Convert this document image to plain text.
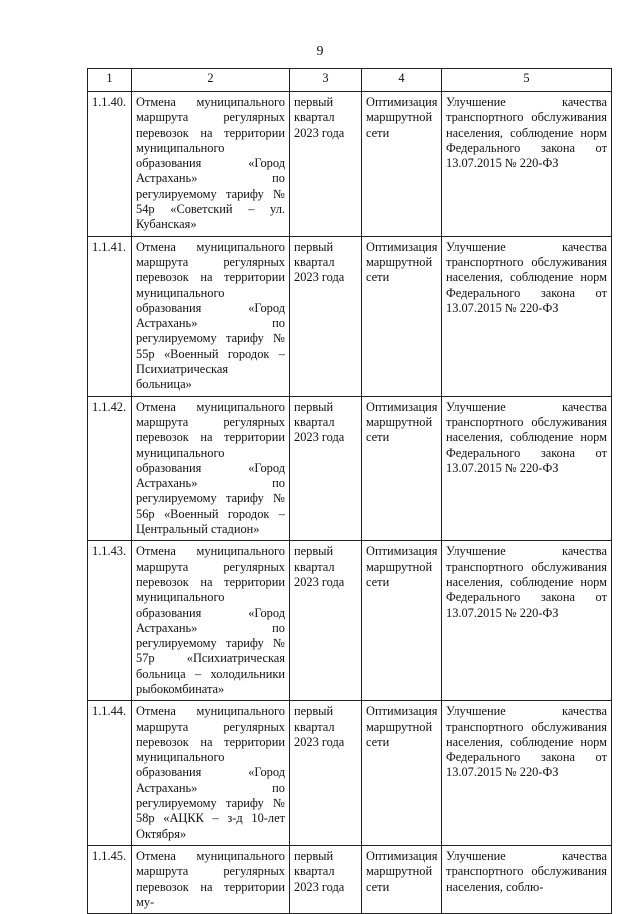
9
1	2	3	4	5
1.1.40.	Отмена муниципального маршрута регулярных перевозок на территории муниципального образования «Город Астрахань» по регулируемому тарифу № 54р «Советский – ул. Кубанская»	первый квартал 2023 года	Оптимизация маршрутной сети	Улучшение качества транспортного обслуживания населения, соблюдение норм Федерального закона от 13.07.2015 № 220-ФЗ
1.1.41.	Отмена муниципального маршрута регулярных перевозок на территории муниципального образования «Город Астрахань» по регулируемому тарифу № 55р «Военный городок – Психиатрическая больница»	первый квартал 2023 года	Оптимизация маршрутной сети	Улучшение качества транспортного обслуживания населения, соблюдение норм Федерального закона от 13.07.2015 № 220-ФЗ
1.1.42.	Отмена муниципального маршрута регулярных перевозок на территории муниципального образования «Город Астрахань» по регулируемому тарифу № 56р «Военный городок – Центральный стадион»	первый квартал 2023 года	Оптимизация маршрутной сети	Улучшение качества транспортного обслуживания населения, соблюдение норм Федерального закона от 13.07.2015 № 220-ФЗ
1.1.43.	Отмена муниципального маршрута регулярных перевозок на территории муниципального образования «Город Астрахань» по регулируемому тарифу № 57р «Психиатрическая больница – холодильники рыбокомбината»	первый квартал 2023 года	Оптимизация маршрутной сети	Улучшение качества транспортного обслуживания населения, соблюдение норм Федерального закона от 13.07.2015 № 220-ФЗ
1.1.44.	Отмена муниципального маршрута регулярных перевозок на территории муниципального образования «Город Астрахань» по регулируемому тарифу № 58р «АЦКК – з-д 10-лет Октября»	первый квартал 2023 года	Оптимизация маршрутной сети	Улучшение качества транспортного обслуживания населения, соблюдение норм Федерального закона от 13.07.2015 № 220-ФЗ
1.1.45.	Отмена муниципального маршрута регулярных перевозок на территории му-	первый квартал 2023 года	Оптимизация маршрутной сети	Улучшение качества транспортного обслуживания населения, соблю-
